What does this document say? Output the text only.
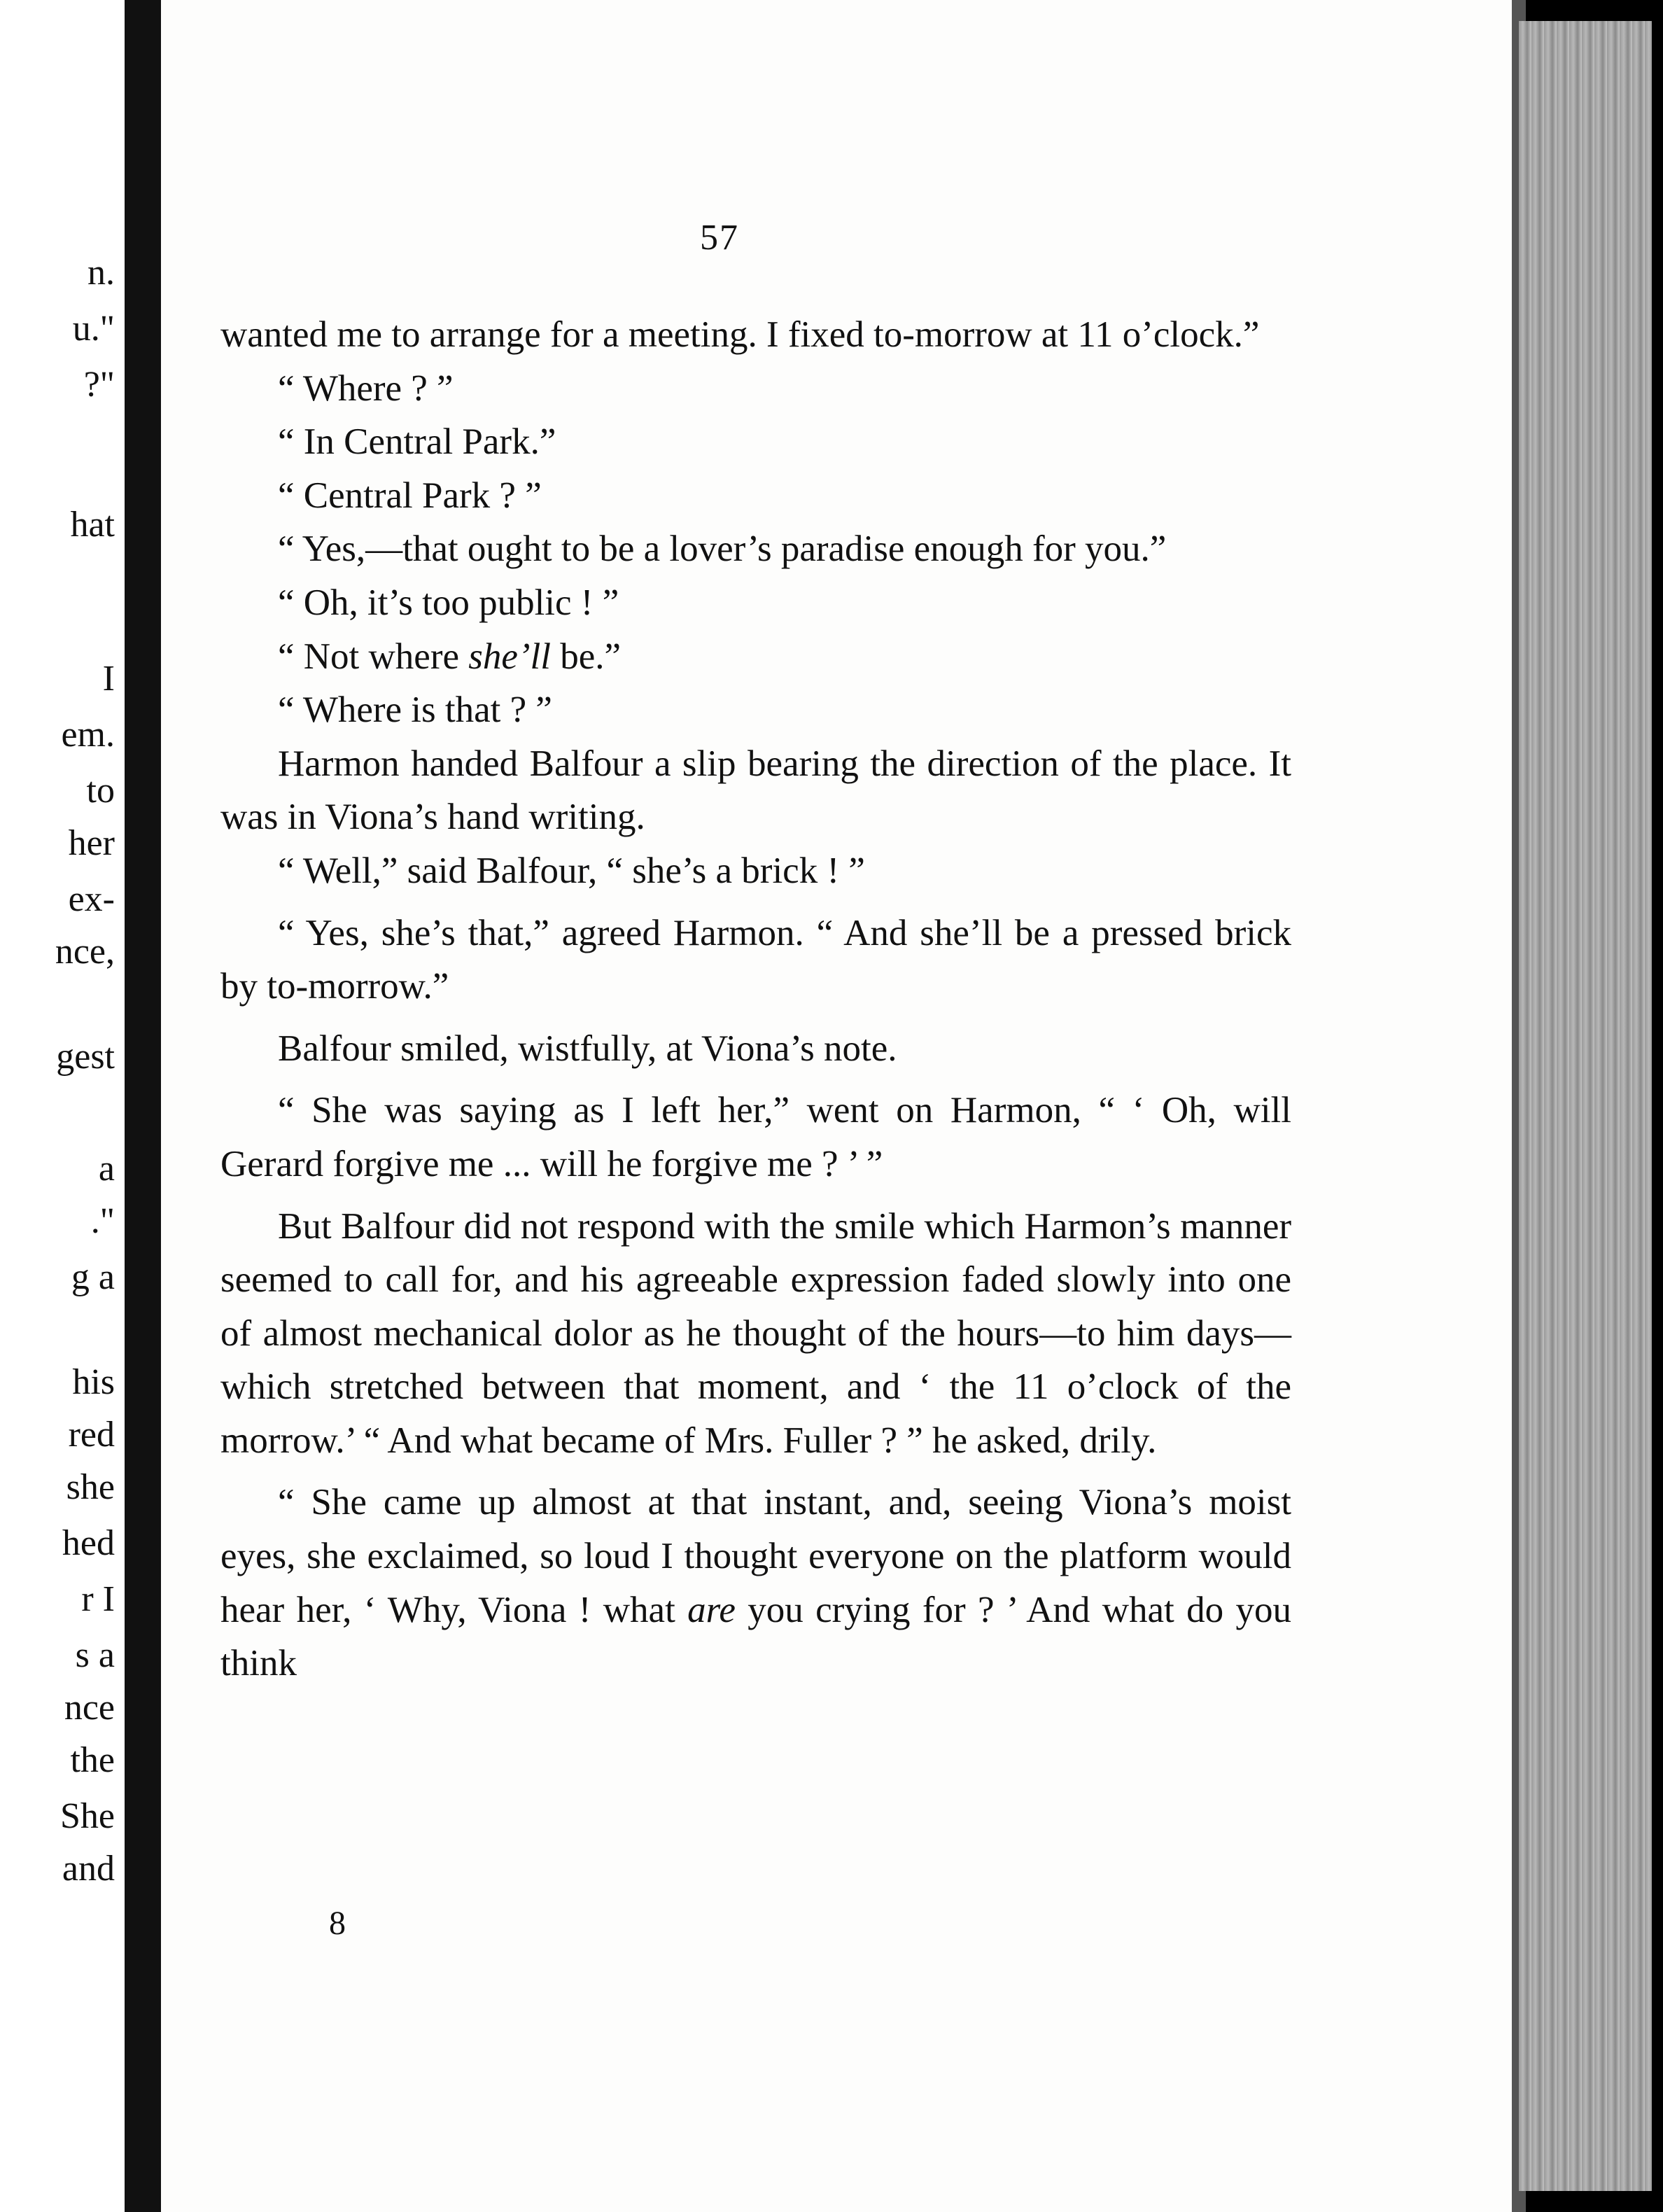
n.
u."
?"
hat
I
em.
to
her
ex-
nce,
gest
a
."
g a
his
red
she
hed
r I
s a
nce
the
She
and
57

wanted me to arrange for a meeting. I fixed to-morrow at 11 o’clock.”

“ Where ? ”

“ In Central Park.”

“ Central Park ? ”

“ Yes,—that ought to be a lover’s paradise enough for you.”

“ Oh, it’s too public ! ”

“ Not where she’ll be.”

“ Where is that ? ”

Harmon handed Balfour a slip bearing the direction of the place. It was in Viona’s hand writing.

“ Well,” said Balfour, “ she’s a brick ! ”

“ Yes, she’s that,” agreed Harmon. “ And she’ll be a pressed brick by to-morrow.”

Balfour smiled, wistfully, at Viona’s note.

“ She was saying as I left her,” went on Harmon, “ ‘ Oh, will Gerard forgive me ... will he forgive me ? ’ ”

But Balfour did not respond with the smile which Harmon’s manner seemed to call for, and his agreeable expression faded slowly into one of almost mechanical dolor as he thought of the hours—to him days—which stretched between that moment, and ‘ the 11 o’clock of the morrow.’ “ And what became of Mrs. Fuller ? ” he asked, drily.

“ She came up almost at that instant, and, seeing Viona’s moist eyes, she exclaimed, so loud I thought everyone on the platform would hear her, ‘ Why, Viona ! what are you crying for ? ’ And what do you think

8
